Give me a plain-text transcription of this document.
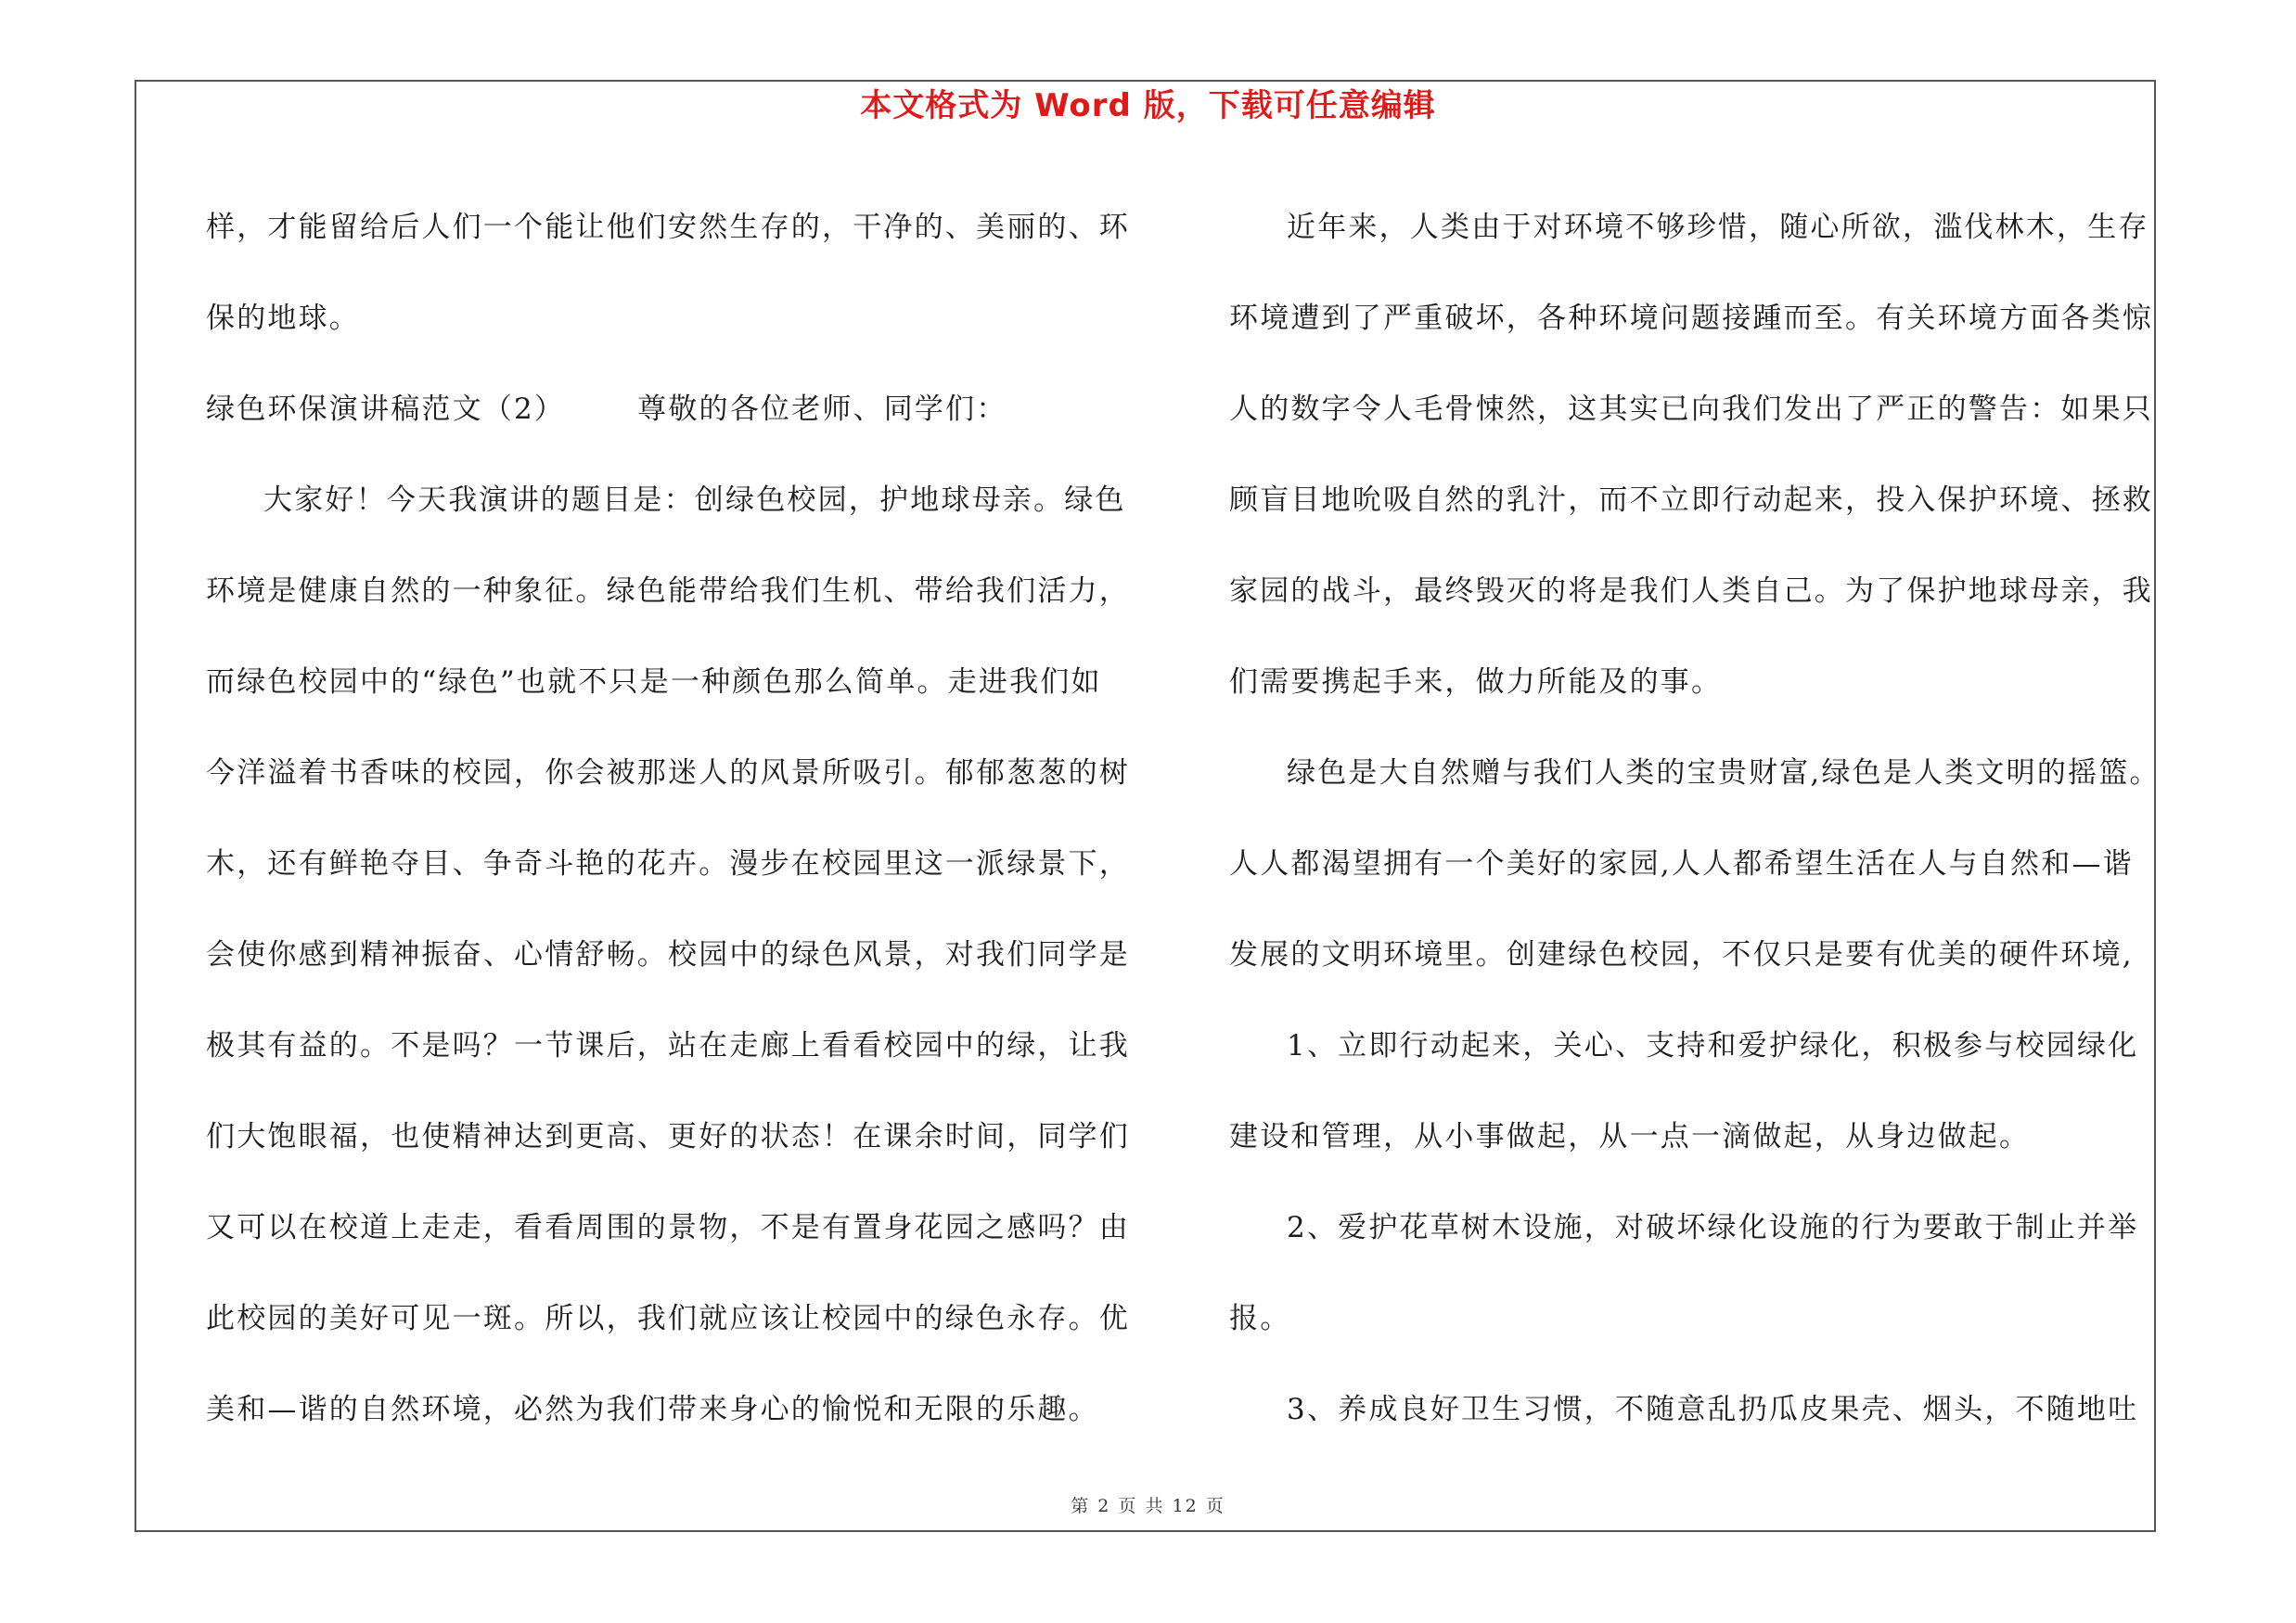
本文格式为 Word 版，下载可任意编辑
样，才能留给后人们一个能让他们安然生存的，干净的、美丽的、环
保的地球。
绿色环保演讲稿范文（2）	尊敬的各位老师、同学们：
大家好！今天我演讲的题目是：创绿色校园，护地球母亲。绿色
环境是健康自然的一种象征。绿色能带给我们生机、带给我们活力，
而绿色校园中的“绿色”也就不只是一种颜色那么简单。走进我们如
今洋溢着书香味的校园，你会被那迷人的风景所吸引。郁郁葱葱的树
木，还有鲜艳夺目、争奇斗艳的花卉。漫步在校园里这一派绿景下，
会使你感到精神振奋、心情舒畅。校园中的绿色风景，对我们同学是
极其有益的。不是吗？一节课后，站在走廊上看看校园中的绿，让我
们大饱眼福，也使精神达到更高、更好的状态！在课余时间，同学们
又可以在校道上走走，看看周围的景物，不是有置身花园之感吗？由
此校园的美好可见一斑。所以，我们就应该让校园中的绿色永存。优
美和—谐的自然环境，必然为我们带来身心的愉悦和无限的乐趣。
近年来，人类由于对环境不够珍惜，随心所欲，滥伐林木，生存
环境遭到了严重破坏，各种环境问题接踵而至。有关环境方面各类惊
人的数字令人毛骨悚然，这其实已向我们发出了严正的警告：如果只
顾盲目地吮吸自然的乳汁，而不立即行动起来，投入保护环境、拯救
家园的战斗，最终毁灭的将是我们人类自己。为了保护地球母亲，我
们需要携起手来，做力所能及的事。
绿色是大自然赠与我们人类的宝贵财富,绿色是人类文明的摇篮。
人人都渴望拥有一个美好的家园,人人都希望生活在人与自然和—谐
发展的文明环境里。创建绿色校园，不仅只是要有优美的硬件环境,
1、立即行动起来，关心、支持和爱护绿化，积极参与校园绿化
建设和管理，从小事做起，从一点一滴做起，从身边做起。
2、爱护花草树木设施，对破坏绿化设施的行为要敢于制止并举
报。
3、养成良好卫生习惯，不随意乱扔瓜皮果壳、烟头，不随地吐
第 2 页 共 12 页
